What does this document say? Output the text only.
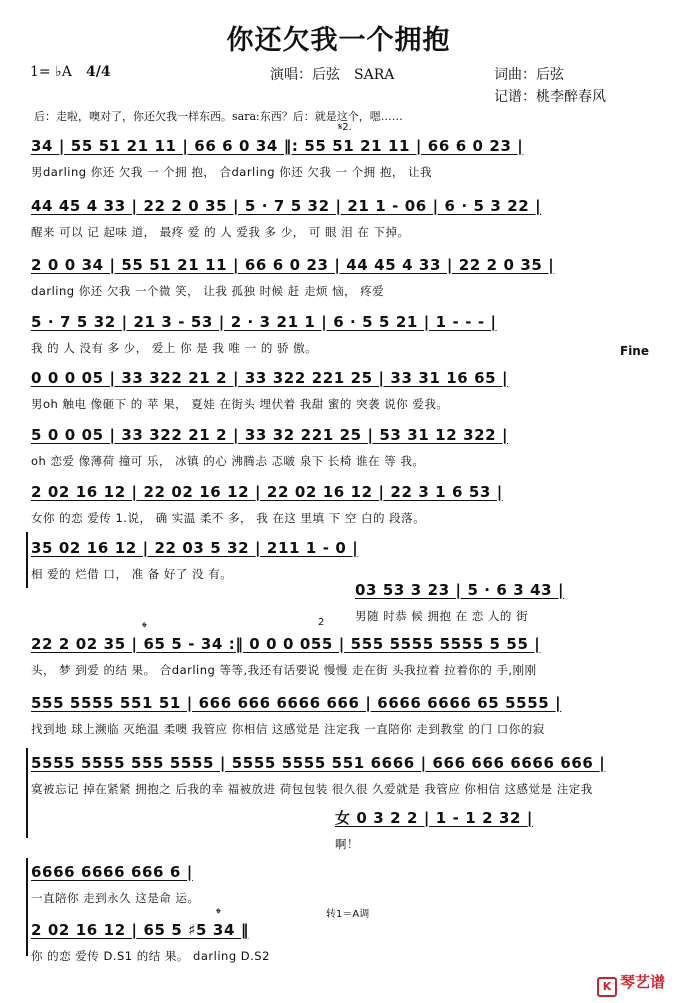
你还欠我一个拥抱
1= ♭A 4/4	演唱：后弦　SARA	词曲：后弦
记谱：桃李醉春风
后：走啦，噢对了，你还欠我一样东西。sara:东西？后：就是这个，嗯……
34 | 55 51 21 11 | 66 6 0 34 ‖: 55 51 21 11 | 66 6 0 23 |
男darling 你还 欠我 一 个拥 抱， 合darling 你还 欠我 一 个拥 抱， 让我
44 45 4 33 | 22 2 0 35 | 5 · 7 5 32 | 21 1 - 06 | 6 · 5 3 22 |
醒来 可以 记 起味 道， 最疼 爱 的 人 爱我 多 少， 可 眼 泪 在 下掉。
2 0 0 34 | 55 51 21 11 | 66 6 0 23 | 44 45 4 33 | 22 2 0 35 |
darling 你还 欠我 一个微 笑， 让我 孤独 时候 赶 走烦 恼， 疼爱
5 · 7 5 32 | 21 3 - 53 | 2 · 3 21 1 | 6 · 5 5 21 | 1 - - - |
我 的 人 没有 多 少， 爱上 你 是 我 唯 一 的 骄 傲。
0 0 0 05 | 33 322 21 2 | 33 322 221 25 | 33 31 16 65 |
男oh 触电 像砸下 的 苹 果， 夏娃 在街头 埋伏着 我甜 蜜的 突袭 说你 爱我。
5 0 0 05 | 33 322 21 2 | 33 32 221 25 | 53 31 12 322 |
oh 恋爱 像薄荷 撞可 乐， 冰镇 的心 沸腾忐 忑啵 泉下 长椅 谁在 等 我。
2 02 16 12 | 22 02 16 12 | 22 02 16 12 | 22 3 1 6 53 |
女你 的恋 爱传 1.说， 确 实温 柔不 多， 我 在这 里填 下 空 白的 段落。
35 02 16 12 | 22 03 5 32 | 211 1 - 0 |
相 爱的 烂借 口， 准 备 好了 没 有。
03 53 3 23 | 5 · 6 3 43 |
男随 时恭 候 拥抱 在 恋 人的 街
22 2 02 35 | 65 5 - 34 :‖ 0 0 0 055 | 555 5555 5555 5 55 |
头， 梦 到爱 的结 果。 合darling 等等,我还有话要说 慢慢 走在街 头我拉着 拉着你的 手,刚刚
555 5555 551 51 | 666 666 6666 666 | 6666 6666 65 5555 |
找到地 球上濒临 灭绝温 柔噢 我管应 你相信 这感觉是 注定我 一直陪你 走到教堂 的门 口你的寂
5555 5555 555 5555 | 5555 5555 551 6666 | 666 666 6666 666 |
寞被忘记 掉在紧紧 拥抱之 后我的幸 福被放进 荷包包装 很久很 久爱就是 我管应 你相信 这感觉是 注定我
女 0 3 2 2 | 1 - 1 2 32 |
啊！
6666 6666 666 6 |
一直陪你 走到永久 这是命 运。
2 02 16 12 | 65 5 ♯5 34 ‖
你 的恋 爱传 D.S1 的结 果。 darling D.S2
𝄋2.
Fine
2
𝄌
𝄌	转1＝A调
K 琴艺谱
